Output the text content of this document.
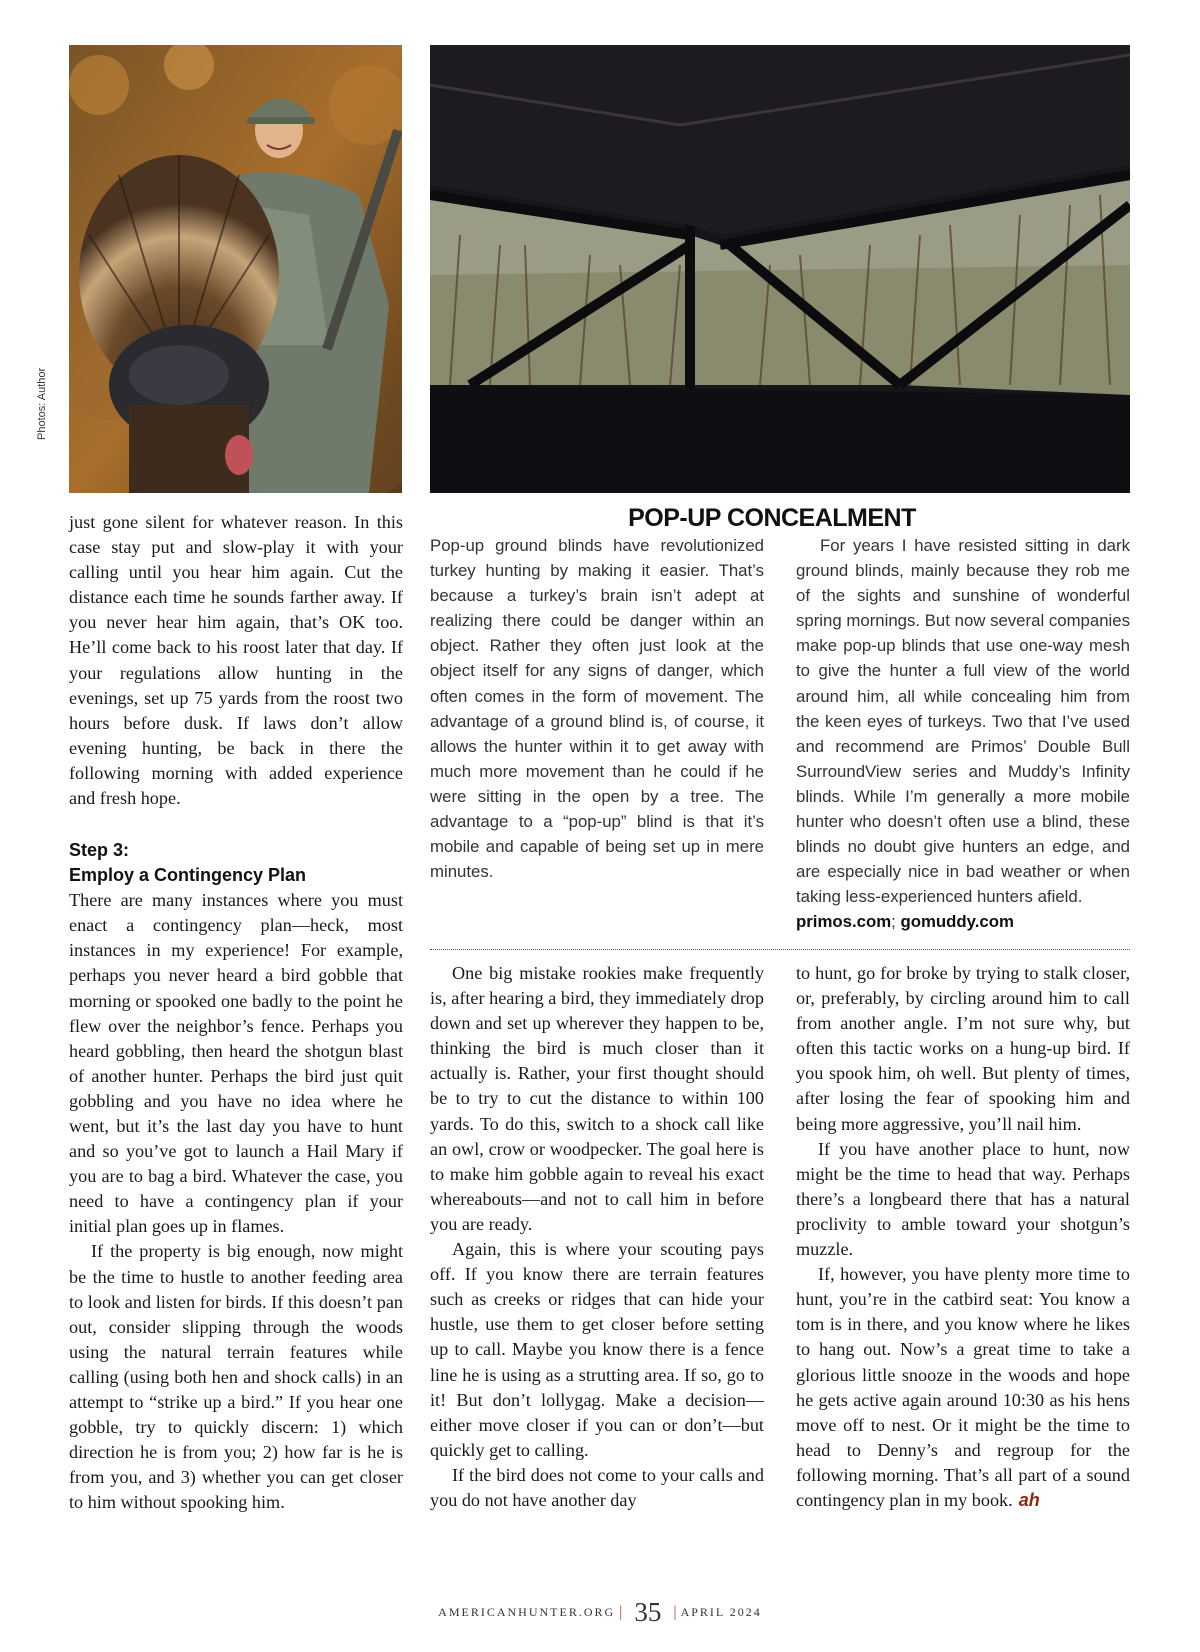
Photos: Author
POP-UP CONCEALMENT

Pop-up ground blinds have revolutionized turkey hunting by making it easier. That’s because a turkey’s brain isn’t adept at realizing there could be danger within an object. Rather they often just look at the object itself for any signs of danger, which often comes in the form of movement. The advantage of a ground blind is, of course, it allows the hunter within it to get away with much more movement than he could if he were sitting in the open by a tree. The advantage to a “pop-up” blind is that it’s mobile and capable of being set up in mere minutes.

For years I have resisted sitting in dark ground blinds, mainly because they rob me of the sights and sunshine of wonderful spring mornings. But now several companies make pop-up blinds that use one-way mesh to give the hunter a full view of the world around him, all while concealing him from the keen eyes of turkeys. Two that I’ve used and recommend are Primos’ Double Bull SurroundView series and Muddy’s Infinity blinds. While I’m generally a more mobile hunter who doesn’t often use a blind, these blinds no doubt give hunters an edge, and are especially nice in bad weather or when taking less-experienced hunters afield.

primos.com; gomuddy.com

just gone silent for whatever reason. In this case stay put and slow-play it with your calling until you hear him again. Cut the distance each time he sounds farther away. If you never hear him again, that’s OK too. He’ll come back to his roost later that day. If your regulations allow hunting in the evenings, set up 75 yards from the roost two hours before dusk. If laws don’t allow evening hunting, be back in there the following morning with added experience and fresh hope.

Step 3:
Employ a Contingency Plan

There are many instances where you must enact a contingency plan—heck, most instances in my experience! For example, perhaps you never heard a bird gobble that morning or spooked one badly to the point he flew over the neighbor’s fence. Perhaps you heard gobbling, then heard the shotgun blast of another hunter. Perhaps the bird just quit gobbling and you have no idea where he went, but it’s the last day you have to hunt and so you’ve got to launch a Hail Mary if you are to bag a bird. Whatever the case, you need to have a contingency plan if your initial plan goes up in flames.

If the property is big enough, now might be the time to hustle to another feeding area to look and listen for birds. If this doesn’t pan out, consider slipping through the woods using the natural terrain features while calling (using both hen and shock calls) in an attempt to “strike up a bird.” If you hear one gobble, try to quickly discern: 1) which direction he is from you; 2) how far is he is from you, and 3) whether you can get closer to him without spooking him.

One big mistake rookies make frequently is, after hearing a bird, they immediately drop down and set up wherever they happen to be, thinking the bird is much closer than it actually is. Rather, your first thought should be to try to cut the distance to within 100 yards. To do this, switch to a shock call like an owl, crow or woodpecker. The goal here is to make him gobble again to reveal his exact whereabouts—and not to call him in before you are ready.

Again, this is where your scouting pays off. If you know there are terrain features such as creeks or ridges that can hide your hustle, use them to get closer before setting up to call. Maybe you know there is a fence line he is using as a strutting area. If so, go to it! But don’t lollygag. Make a decision—either move closer if you can or don’t—but quickly get to calling.

If the bird does not come to your calls and you do not have another day

to hunt, go for broke by trying to stalk closer, or, preferably, by circling around him to call from another angle. I’m not sure why, but often this tactic works on a hung-up bird. If you spook him, oh well. But plenty of times, after losing the fear of spooking him and being more aggressive, you’ll nail him.

If you have another place to hunt, now might be the time to head that way. Perhaps there’s a longbeard there that has a natural proclivity to amble toward your shotgun’s muzzle.

If, however, you have plenty more time to hunt, you’re in the catbird seat: You know a tom is in there, and you know where he likes to hang out. Now’s a great time to take a glorious little snooze in the woods and hope he gets active again around 10:30 as his hens move off to nest. Or it might be the time to head to Denny’s and regroup for the following morning. That’s all part of a sound contingency plan in my book. ah

AMERICANHUNTER.ORG | 35 | APRIL 2024
